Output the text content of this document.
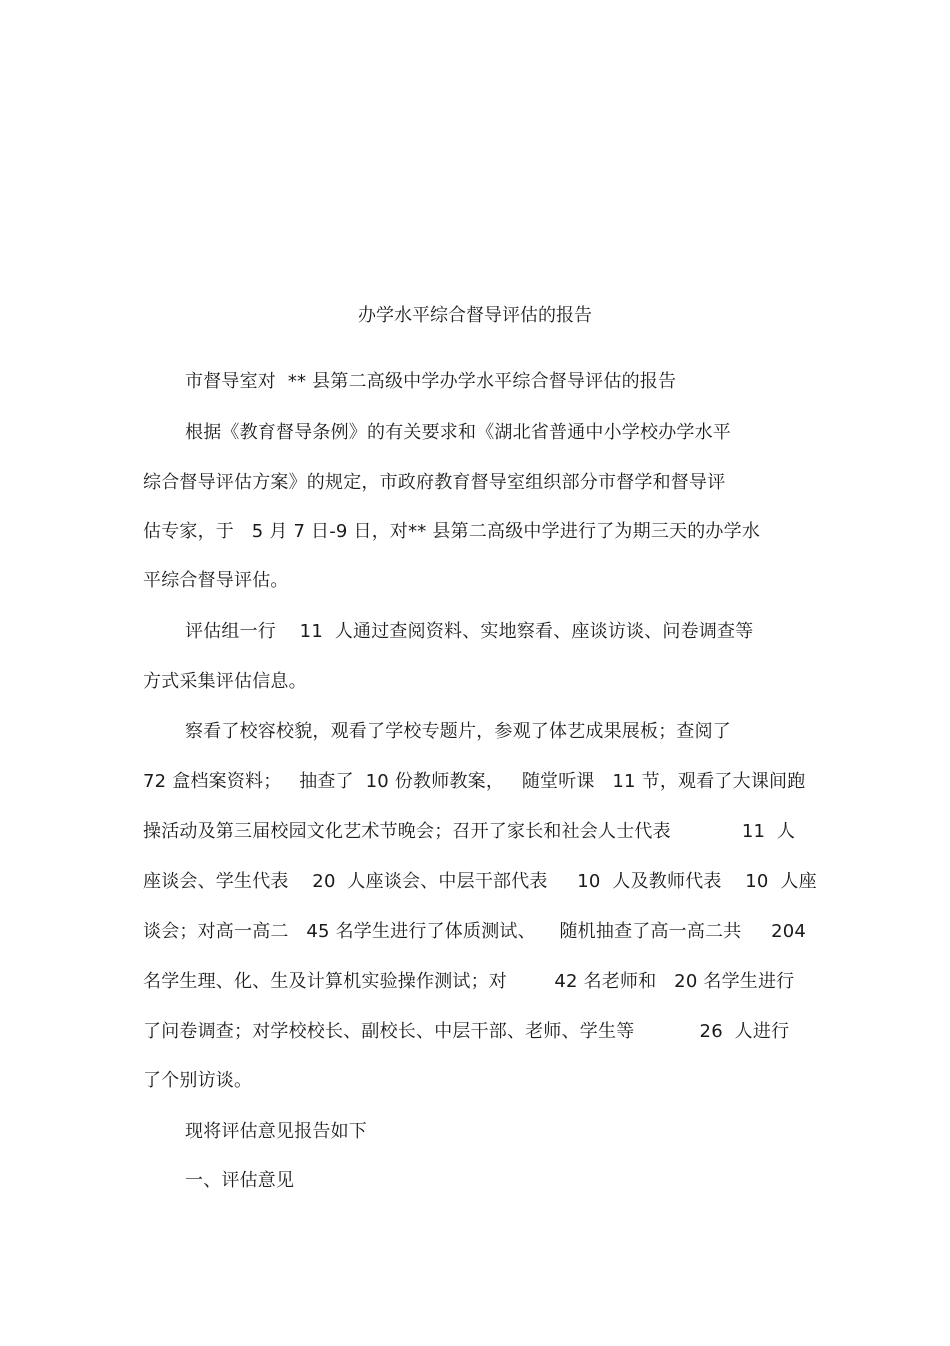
办学水平综合督导评估的报告
市督导室对  ** 县第二高级中学办学水平综合督导评估的报告
根据《教育督导条例》的有关要求和《湖北省普通中小学校办学水平
综合督导评估方案》的规定，市政府教育督导室组织部分市督学和督导评
估专家，于   5 月 7 日-9 日，对** 县第二高级中学进行了为期三天的办学水
平综合督导评估。
评估组一行    11  人通过查阅资料、实地察看、座谈访谈、问卷调查等
方式采集评估信息。
察看了校容校貌，观看了学校专题片，参观了体艺成果展板；查阅了
72 盒档案资料；   抽查了  10 份教师教案，   随堂听课   11 节，观看了大课间跑
操活动及第三届校园文化艺术节晚会；召开了家长和社会人士代表            11  人
座谈会、学生代表    20  人座谈会、中层干部代表     10  人及教师代表    10  人座
谈会；对高一高二   45 名学生进行了体质测试、    随机抽查了高一高二共     204
名学生理、化、生及计算机实验操作测试；对        42 名老师和   20 名学生进行
了问卷调查；对学校校长、副校长、中层干部、老师、学生等           26  人进行
了个别访谈。
现将评估意见报告如下
一、评估意见
